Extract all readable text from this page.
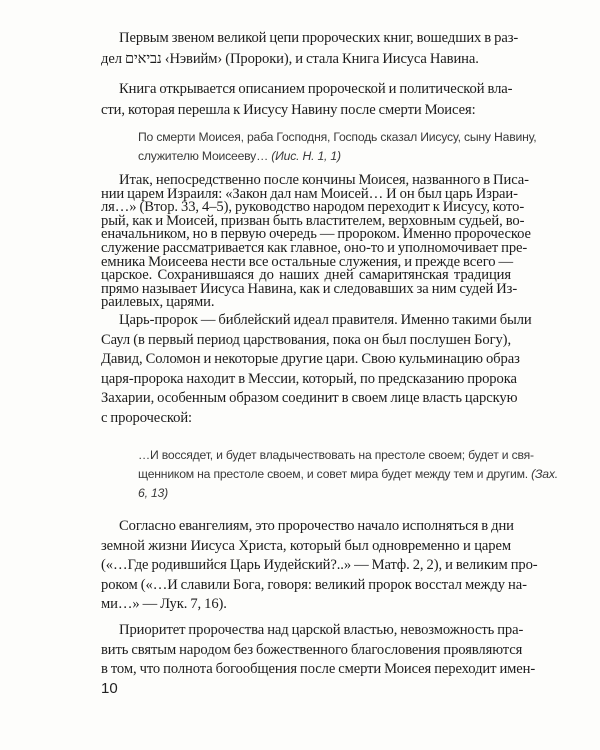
Первым звеном великой цепи пророческих книг, вошедших в раз-
дел נביאים ‹Нэвийм› (Пророки), и стала Книга Иисуса Навина.

Книга открывается описанием пророческой и политической вла-
сти, которая перешла к Иисусу Навину после смерти Моисея:

По смерти Моисея, раба Господня, Господь сказал Иисусу, сыну Навину,
служителю Моисееву… (Иис. Н. 1, 1)

Итак, непосредственно после кончины Моисея, названного в Писа-
нии царем Израиля: «Закон дал нам Моисей… И он был царь Израи-
ля…» (Втор. 33, 4–5), руководство народом переходит к Иисусу, кото-
рый, как и Моисей, призван быть властителем, верховным судьей, во-
еначальником, но в первую очередь — пророком. Именно пророческое
служение рассматривается как главное, оно-то и уполномочивает пре-
емника Моисеева нести все остальные служения, и прежде всего —
царское. Сохранившаяся до наших дней самаритянская традиция
прямо называет Иисуса Навина, как и следовавших за ним судей Из-
раилевых, царями.

Царь-пророк — библейский идеал правителя. Именно такими были
Саул (в первый период царствования, пока он был послушен Богу),
Давид, Соломон и некоторые другие цари. Свою кульминацию образ
царя-пророка находит в Мессии, который, по предсказанию пророка
Захарии, особенным образом соединит в своем лице власть царскую
с пророческой:

…И воссядет, и будет владычествовать на престоле своем; будет и свя-
щенником на престоле своем, и совет мира будет между тем и другим. (Зах.
6, 13)

Согласно евангелиям, это пророчество начало исполняться в дни
земной жизни Иисуса Христа, который был одновременно и царем
(«…Где родившийся Царь Иудейский?..» — Матф. 2, 2), и великим про-
роком («…И славили Бога, говоря: великий пророк восстал между на-
ми…» — Лук. 7, 16).

Приоритет пророчества над царской властью, невозможность пра-
вить святым народом без божественного благословения проявляются
в том, что полнота богообщения после смерти Моисея переходит имен-

10
